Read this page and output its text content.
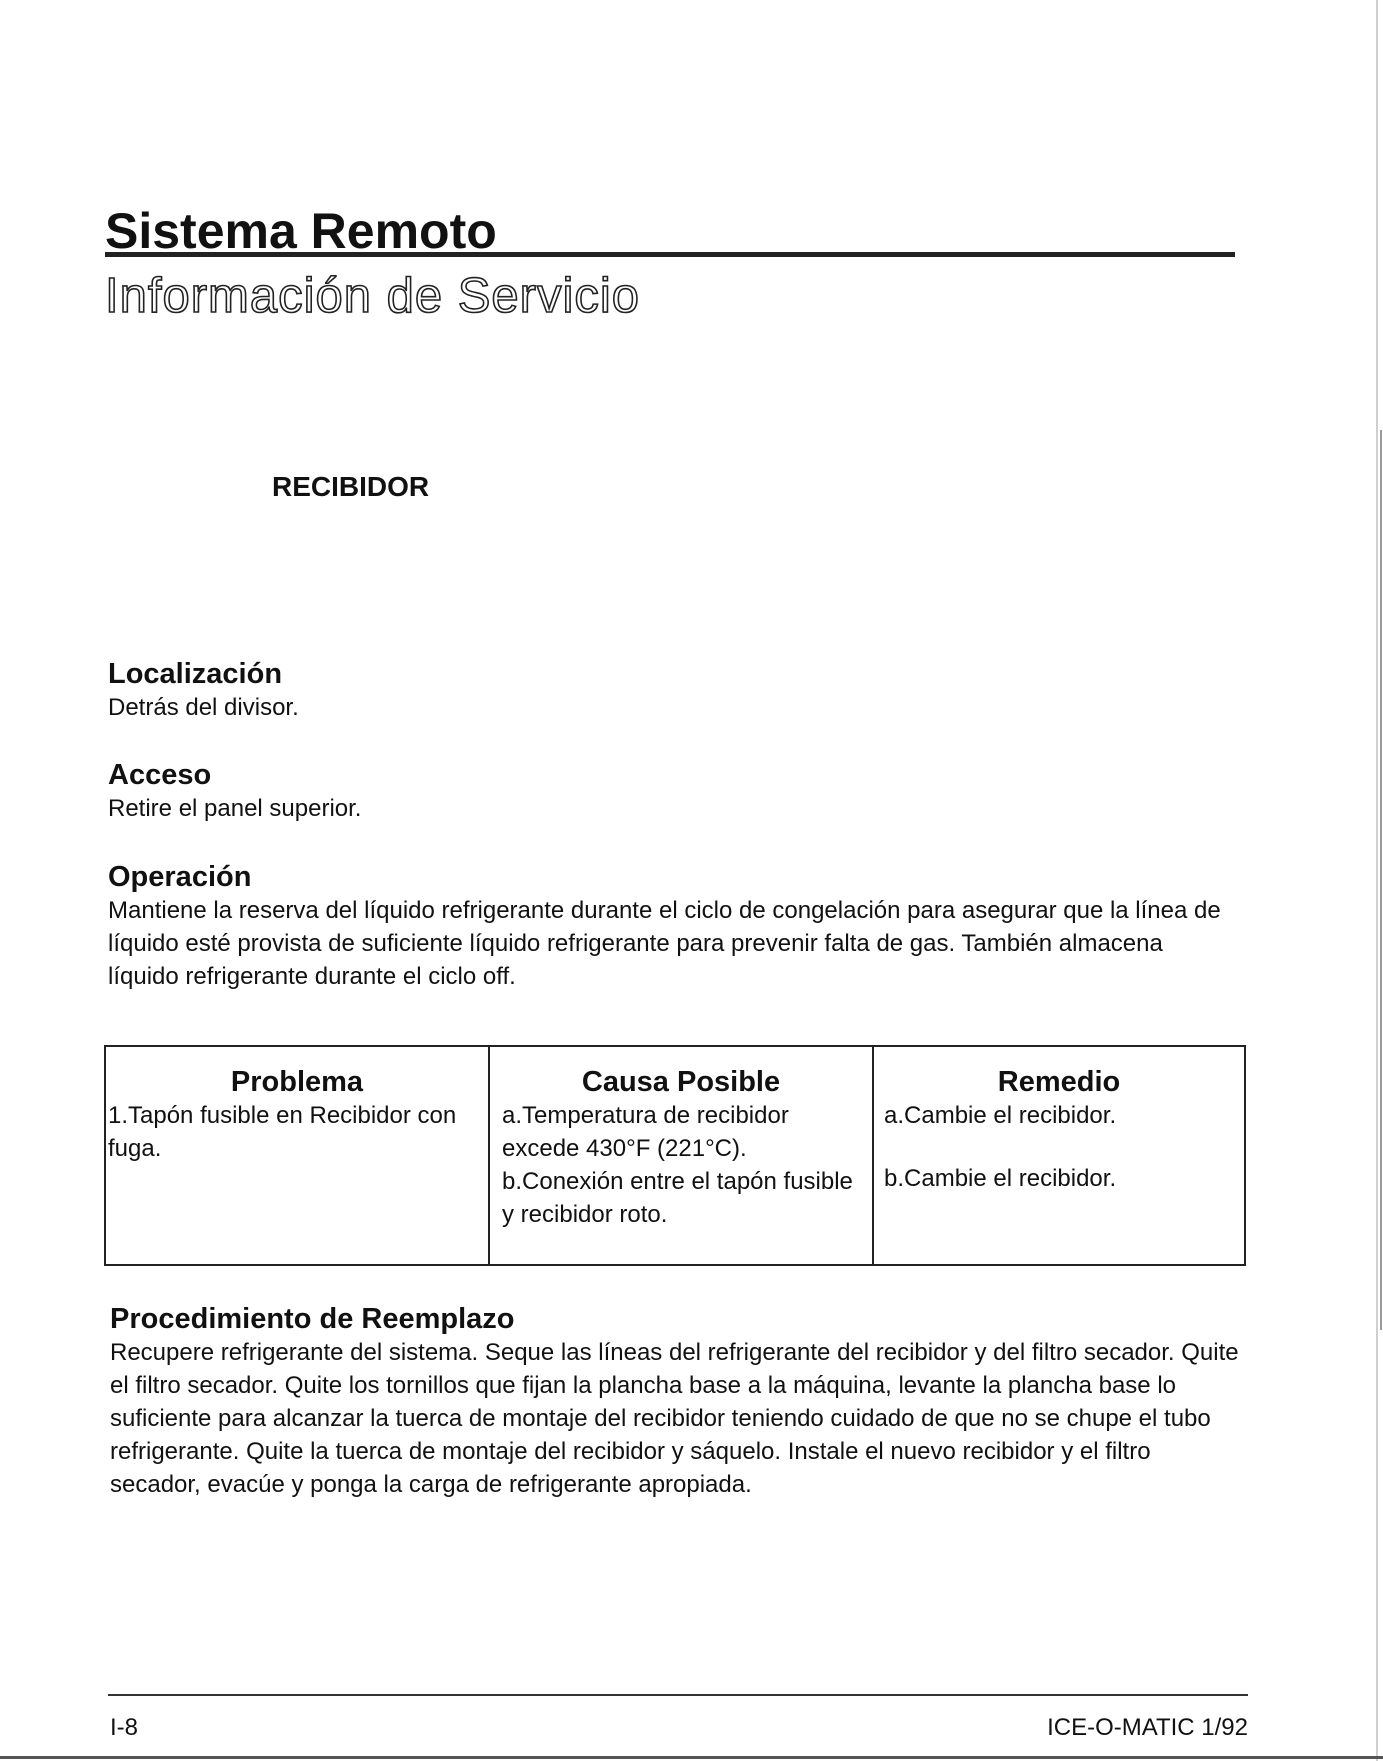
Sistema Remoto
Información de Servicio
RECIBIDOR
Localización

Detrás del divisor.

Acceso

Retire el panel superior.

Operación

Mantiene la reserva del líquido refrigerante durante el ciclo de congelación para asegurar que la línea de líquido esté provista de suficiente líquido refrigerante para prevenir falta de gas. También almacena líquido refrigerante durante el ciclo off.

Problema

1.Tapón fusible en Recibidor con fuga.

Causa Posible

a.Temperatura de recibidor excede 430°F (221°C).

b.Conexión entre el tapón fusible y recibidor roto.

Remedio

a.Cambie el recibidor.

b.Cambie el recibidor.

Procedimiento de Reemplazo

Recupere refrigerante del sistema. Seque las líneas del refrigerante del recibidor y del filtro secador. Quite el filtro secador. Quite los tornillos que fijan la plancha base a la máquina, levante la plancha base lo suficiente para alcanzar la tuerca de montaje del recibidor teniendo cuidado de que no se chupe el tubo refrigerante. Quite la tuerca de montaje del recibidor y sáquelo. Instale el nuevo recibidor y el filtro secador, evacúe y ponga la carga de refrigerante apropiada.

I-8	ICE-O-MATIC 1/92
